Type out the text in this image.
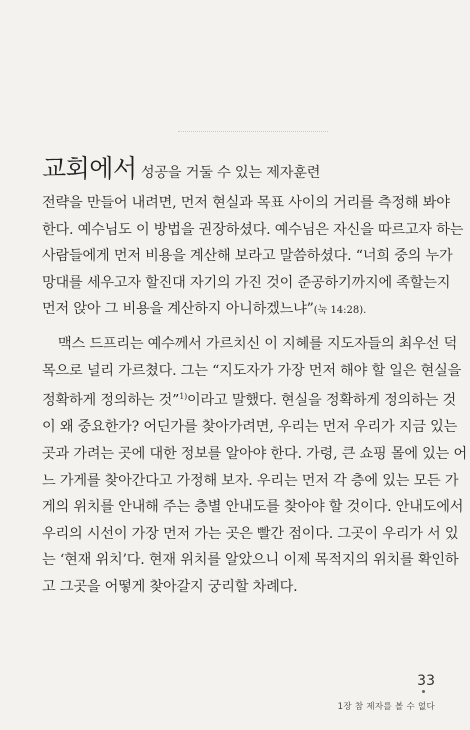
교회에서 성공을 거둘 수 있는 제자훈련
전략을 만들어 내려면, 먼저 현실과 목표 사이의 거리를 측정해 봐야
한다. 예수님도 이 방법을 권장하셨다. 예수님은 자신을 따르고자 하는
사람들에게 먼저 비용을 계산해 보라고 말씀하셨다. “너희 중의 누가
망대를 세우고자 할진대 자기의 가진 것이 준공하기까지에 족할는지
먼저 앉아 그 비용을 계산하지 아니하겠느냐”(눅 14:28).
맥스 드프리는 예수께서 가르치신 이 지혜를 지도자들의 최우선 덕
목으로 널리 가르쳤다. 그는 “지도자가 가장 먼저 해야 할 일은 현실을
정확하게 정의하는 것”$^{1)}$이라고 말했다. 현실을 정확하게 정의하는 것
이 왜 중요한가? 어딘가를 찾아가려면, 우리는 먼저 우리가 지금 있는
곳과 가려는 곳에 대한 정보를 알아야 한다. 가령, 큰 쇼핑 몰에 있는 어
느 가게를 찾아간다고 가정해 보자. 우리는 먼저 각 층에 있는 모든 가
게의 위치를 안내해 주는 층별 안내도를 찾아야 할 것이다. 안내도에서
우리의 시선이 가장 먼저 가는 곳은 빨간 점이다. 그곳이 우리가 서 있
는 ‘현재 위치’다. 현재 위치를 알았으니 이제 목적지의 위치를 확인하
고 그곳을 어떻게 찾아갈지 궁리할 차례다.
33
1장 참 제자를 볼 수 없다
